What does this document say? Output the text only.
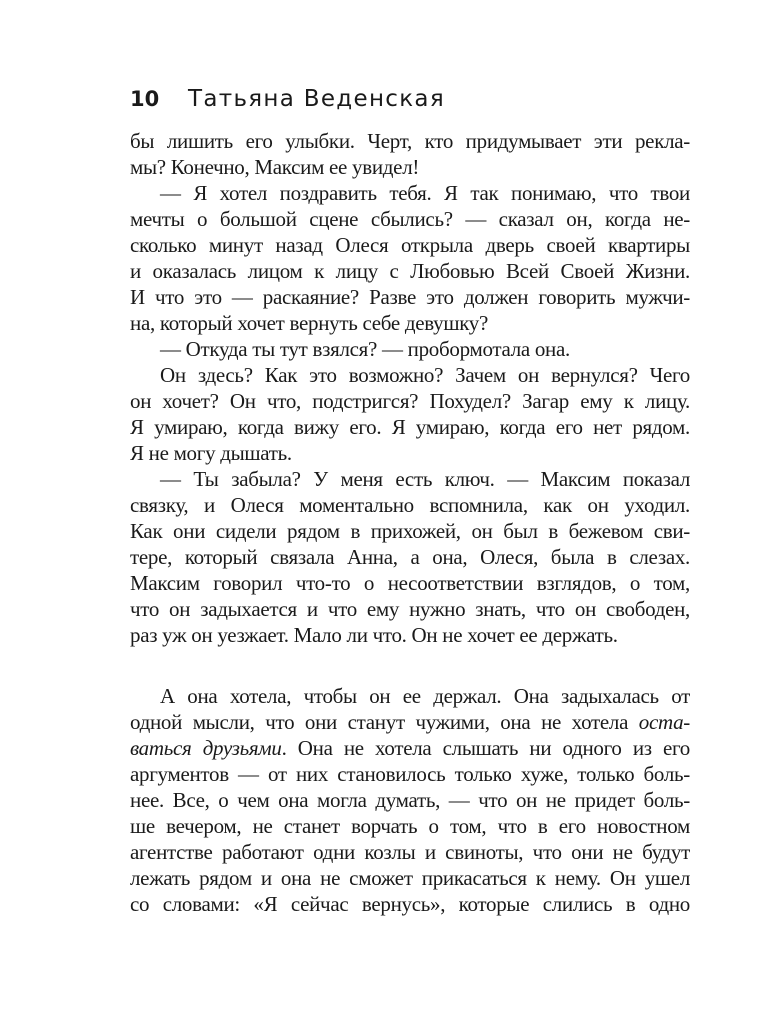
10 Татьяна Веденская
бы лишить его улыбки. Черт, кто придумывает эти рекла-
мы? Конечно, Максим ее увидел!
— Я хотел поздравить тебя. Я так понимаю, что твои
мечты о большой сцене сбылись? — сказал он, когда не-
сколько минут назад Олеся открыла дверь своей квартиры
и оказалась лицом к лицу с Любовью Всей Своей Жизни.
И что это — раскаяние? Разве это должен говорить мужчи-
на, который хочет вернуть себе девушку?
— Откуда ты тут взялся? — пробормотала она.
Он здесь? Как это возможно? Зачем он вернулся? Чего
он хочет? Он что, подстригся? Похудел? Загар ему к лицу.
Я умираю, когда вижу его. Я умираю, когда его нет рядом.
Я не могу дышать.
— Ты забыла? У меня есть ключ. — Максим показал
связку, и Олеся моментально вспомнила, как он уходил.
Как они сидели рядом в прихожей, он был в бежевом сви-
тере, который связала Анна, а она, Олеся, была в слезах.
Максим говорил что-то о несоответствии взглядов, о том,
что он задыхается и что ему нужно знать, что он свободен,
раз уж он уезжает. Мало ли что. Он не хочет ее держать.
А она хотела, чтобы он ее держал. Она задыхалась от
одной мысли, что они станут чужими, она не хотела оста-
ваться друзьями. Она не хотела слышать ни одного из его
аргументов — от них становилось только хуже, только боль-
нее. Все, о чем она могла думать, — что он не придет боль-
ше вечером, не станет ворчать о том, что в его новостном
агентстве работают одни козлы и свиноты, что они не будут
лежать рядом и она не сможет прикасаться к нему. Он ушел
со словами: «Я сейчас вернусь», которые слились в одно
